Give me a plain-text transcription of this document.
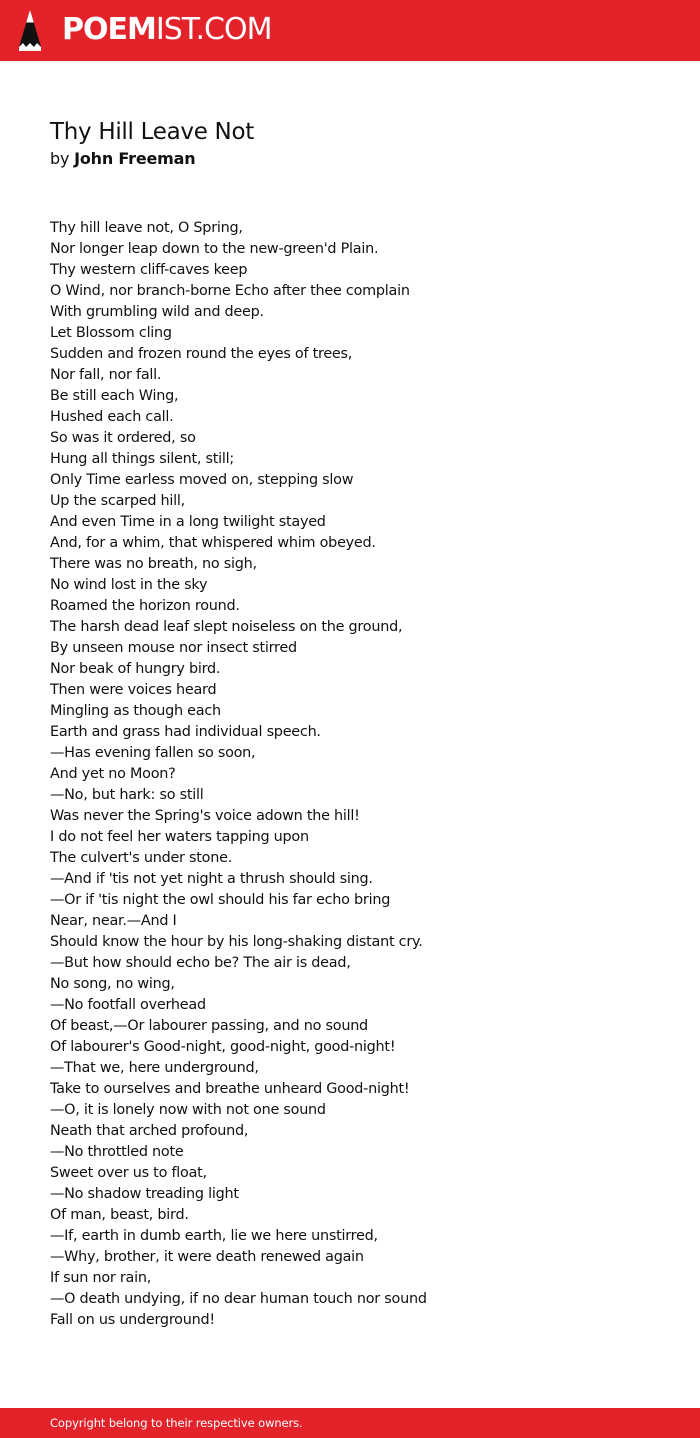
POEMIST.COM
Thy Hill Leave Not
by John Freeman
Thy hill leave not, O Spring,
Nor longer leap down to the new-green'd Plain.
Thy western cliff-caves keep
O Wind, nor branch-borne Echo after thee complain
With grumbling wild and deep.
Let Blossom cling
Sudden and frozen round the eyes of trees,
Nor fall, nor fall.
Be still each Wing,
Hushed each call.
So was it ordered, so
Hung all things silent, still;
Only Time earless moved on, stepping slow
Up the scarped hill,
And even Time in a long twilight stayed
And, for a whim, that whispered whim obeyed.
There was no breath, no sigh,
No wind lost in the sky
Roamed the horizon round.
The harsh dead leaf slept noiseless on the ground,
By unseen mouse nor insect stirred
Nor beak of hungry bird.
Then were voices heard
Mingling as though each
Earth and grass had individual speech.
—Has evening fallen so soon,
And yet no Moon?
—No, but hark: so still
Was never the Spring's voice adown the hill!
I do not feel her waters tapping upon
The culvert's under stone.
—And if 'tis not yet night a thrush should sing.
—Or if 'tis night the owl should his far echo bring
Near, near.—And I
Should know the hour by his long-shaking distant cry.
—But how should echo be? The air is dead,
No song, no wing,
—No footfall overhead
Of beast,—Or labourer passing, and no sound
Of labourer's Good-night, good-night, good-night!
—That we, here underground,
Take to ourselves and breathe unheard Good-night!
—O, it is lonely now with not one sound
Neath that arched profound,
—No throttled note
Sweet over us to float,
—No shadow treading light
Of man, beast, bird.
—If, earth in dumb earth, lie we here unstirred,
—Why, brother, it were death renewed again
If sun nor rain,
—O death undying, if no dear human touch nor sound
Fall on us underground!
Copyright belong to their respective owners.
